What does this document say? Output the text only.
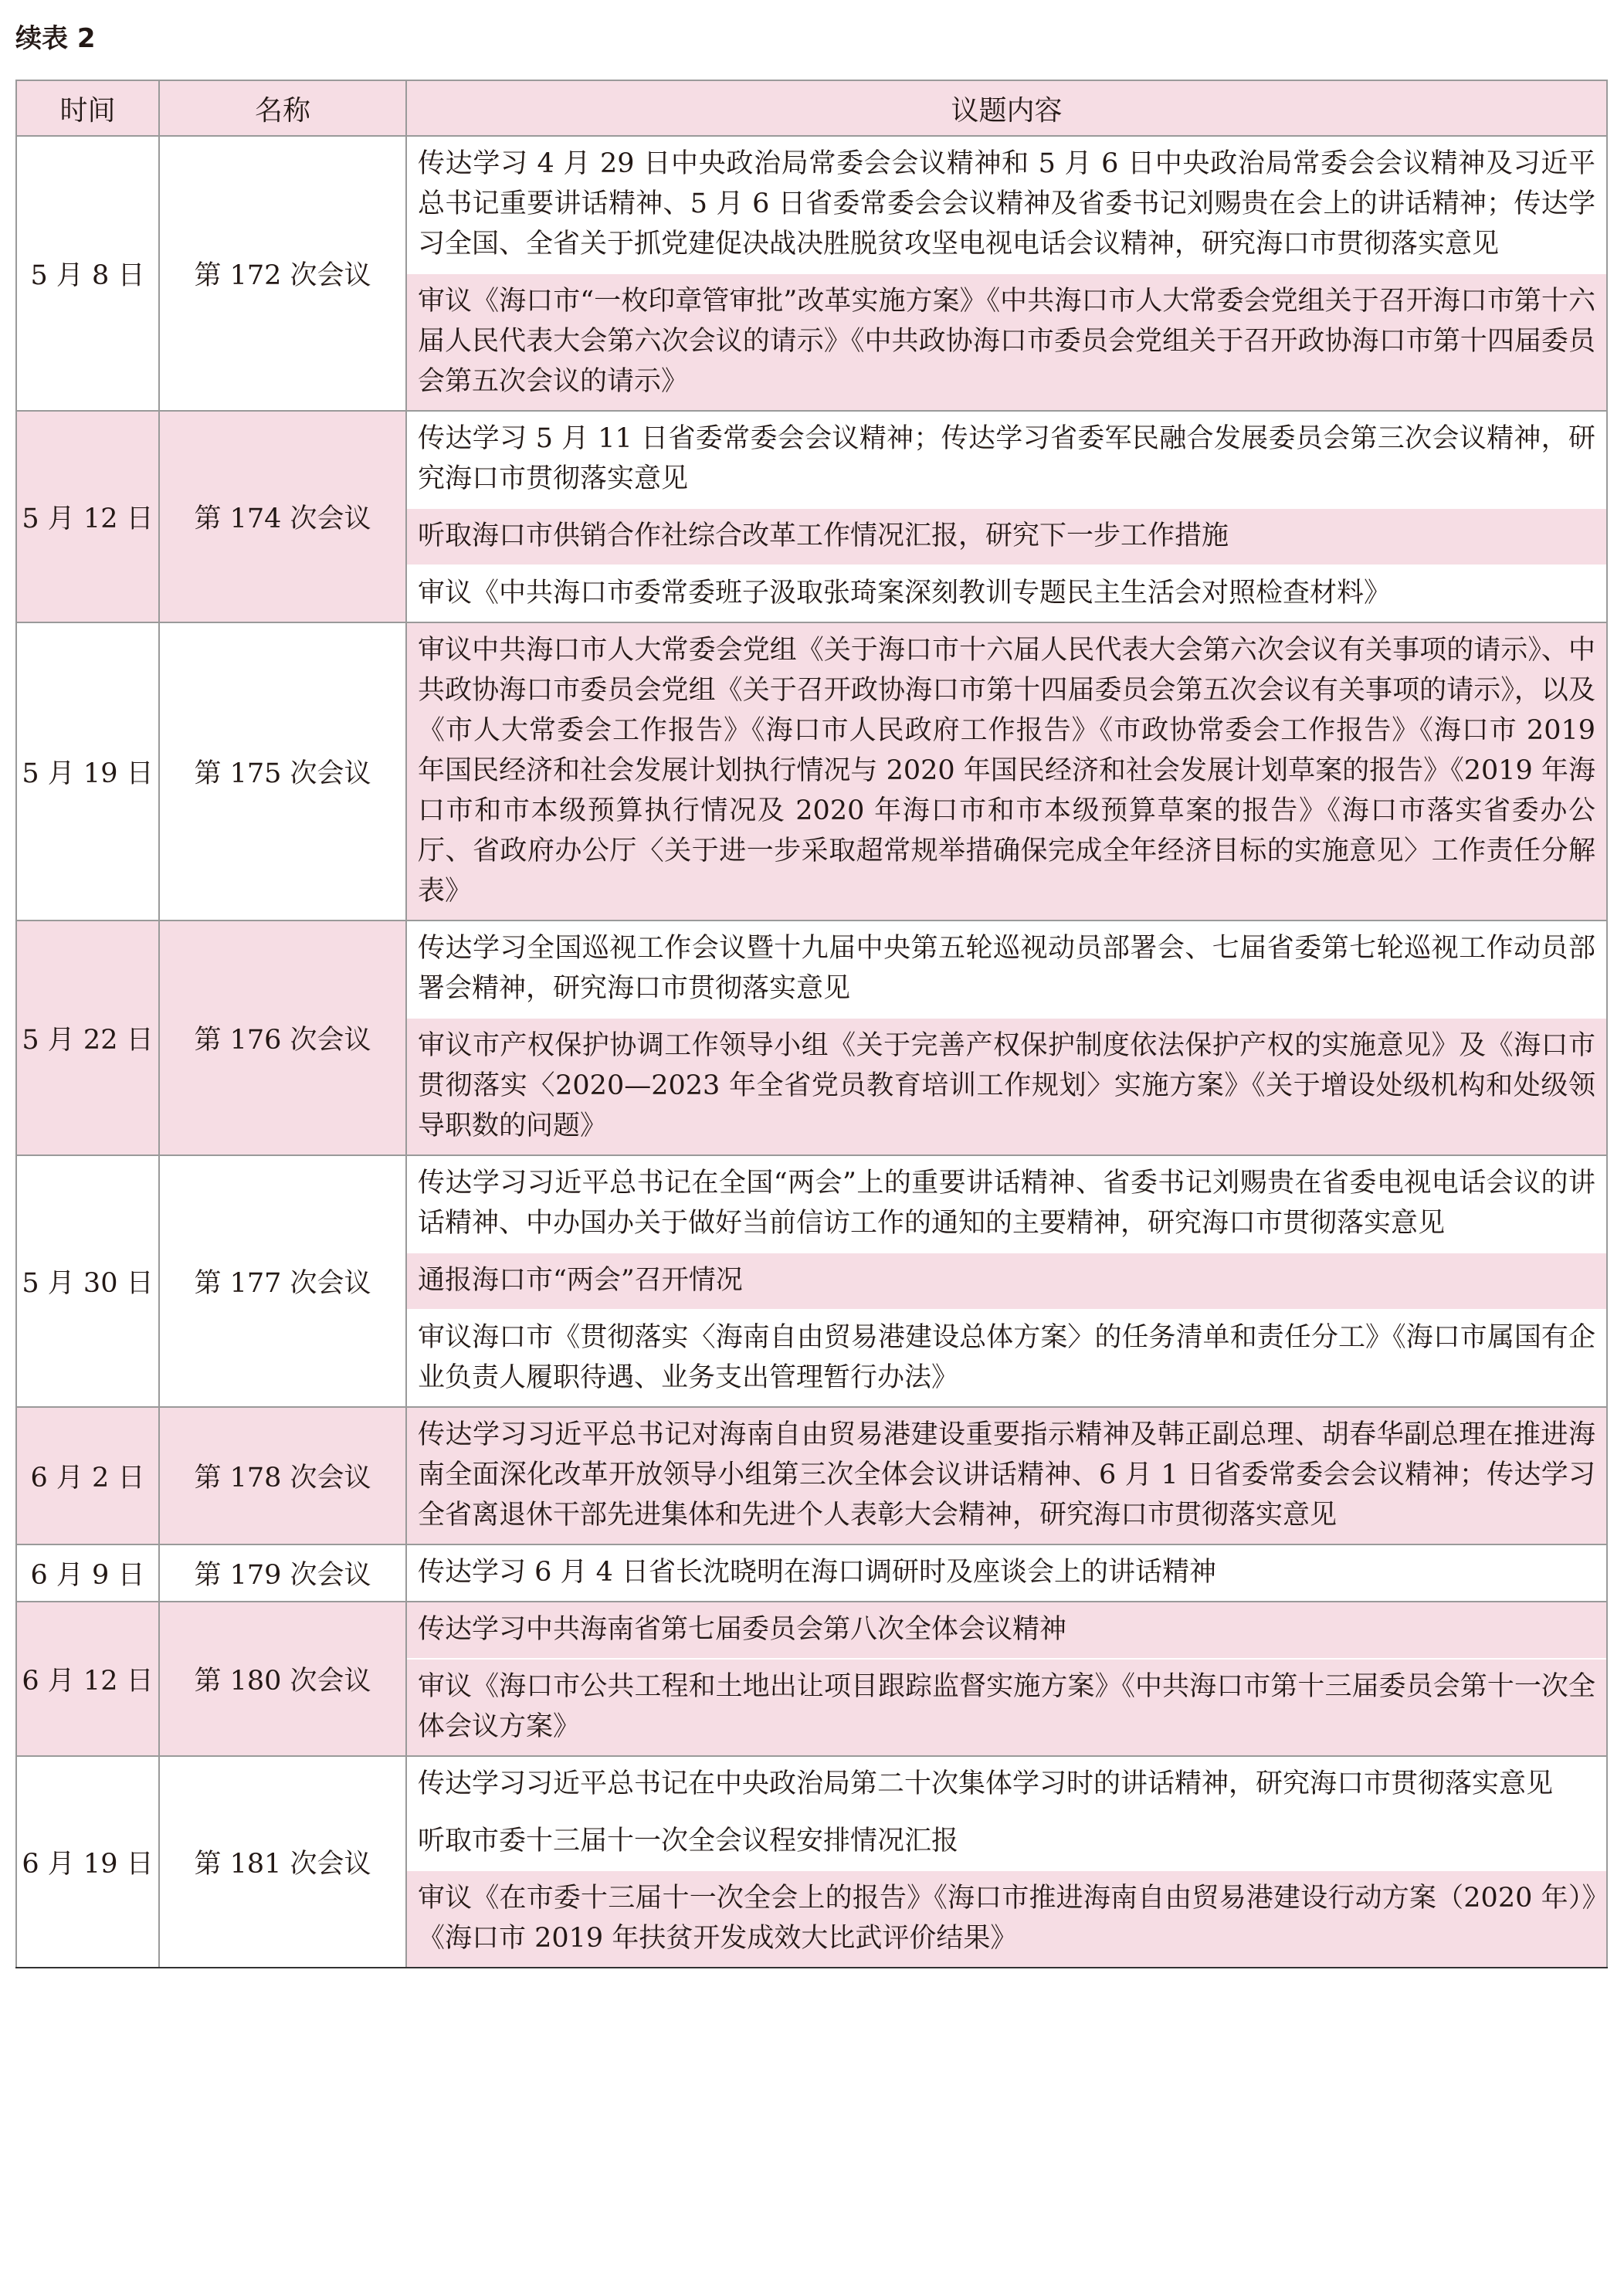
续表 2
时间	名称	议题内容
5 月 8 日	第 172 次会议	传达学习 4 月 29 日中央政治局常委会会议精神和 5 月 6 日中央政治局常委会会议精神及习近平总书记重要讲话精神、5 月 6 日省委常委会会议精神及省委书记刘赐贵在会上的讲话精神；传达学习全国、全省关于抓党建促决战决胜脱贫攻坚电视电话会议精神，研究海口市贯彻落实意见
审议《海口市“一枚印章管审批”改革实施方案》《中共海口市人大常委会党组关于召开海口市第十六届人民代表大会第六次会议的请示》《中共政协海口市委员会党组关于召开政协海口市第十四届委员会第五次会议的请示》

5 月 12 日	第 174 次会议	传达学习 5 月 11 日省委常委会会议精神；传达学习省委军民融合发展委员会第三次会议精神，研究海口市贯彻落实意见
听取海口市供销合作社综合改革工作情况汇报，研究下一步工作措施
审议《中共海口市委常委班子汲取张琦案深刻教训专题民主生活会对照检查材料》

5 月 19 日	第 175 次会议	审议中共海口市人大常委会党组《关于海口市十六届人民代表大会第六次会议有关事项的请示》、中共政协海口市委员会党组《关于召开政协海口市第十四届委员会第五次会议有关事项的请示》，以及《市人大常委会工作报告》《海口市人民政府工作报告》《市政协常委会工作报告》《海口市 2019 年国民经济和社会发展计划执行情况与 2020 年国民经济和社会发展计划草案的报告》《2019 年海口市和市本级预算执行情况及 2020 年海口市和市本级预算草案的报告》《海口市落实省委办公厅、省政府办公厅〈关于进一步采取超常规举措确保完成全年经济目标的实施意见〉工作责任分解表》

5 月 22 日	第 176 次会议	传达学习全国巡视工作会议暨十九届中央第五轮巡视动员部署会、七届省委第七轮巡视工作动员部署会精神，研究海口市贯彻落实意见
审议市产权保护协调工作领导小组《关于完善产权保护制度依法保护产权的实施意见》及《海口市贯彻落实〈2020—2023 年全省党员教育培训工作规划〉实施方案》《关于增设处级机构和处级领导职数的问题》

5 月 30 日	第 177 次会议	传达学习习近平总书记在全国“两会”上的重要讲话精神、省委书记刘赐贵在省委电视电话会议的讲话精神、中办国办关于做好当前信访工作的通知的主要精神，研究海口市贯彻落实意见
通报海口市“两会”召开情况
审议海口市《贯彻落实〈海南自由贸易港建设总体方案〉的任务清单和责任分工》《海口市属国有企业负责人履职待遇、业务支出管理暂行办法》

6 月 2 日	第 178 次会议	传达学习习近平总书记对海南自由贸易港建设重要指示精神及韩正副总理、胡春华副总理在推进海南全面深化改革开放领导小组第三次全体会议讲话精神、6 月 1 日省委常委会会议精神；传达学习全省离退休干部先进集体和先进个人表彰大会精神，研究海口市贯彻落实意见

6 月 9 日	第 179 次会议	传达学习 6 月 4 日省长沈晓明在海口调研时及座谈会上的讲话精神

6 月 12 日	第 180 次会议	传达学习中共海南省第七届委员会第八次全体会议精神
审议《海口市公共工程和土地出让项目跟踪监督实施方案》《中共海口市第十三届委员会第十一次全体会议方案》

6 月 19 日	第 181 次会议	传达学习习近平总书记在中央政治局第二十次集体学习时的讲话精神，研究海口市贯彻落实意见
听取市委十三届十一次全会议程安排情况汇报
审议《在市委十三届十一次全会上的报告》《海口市推进海南自由贸易港建设行动方案（2020 年）》《海口市 2019 年扶贫开发成效大比武评价结果》
